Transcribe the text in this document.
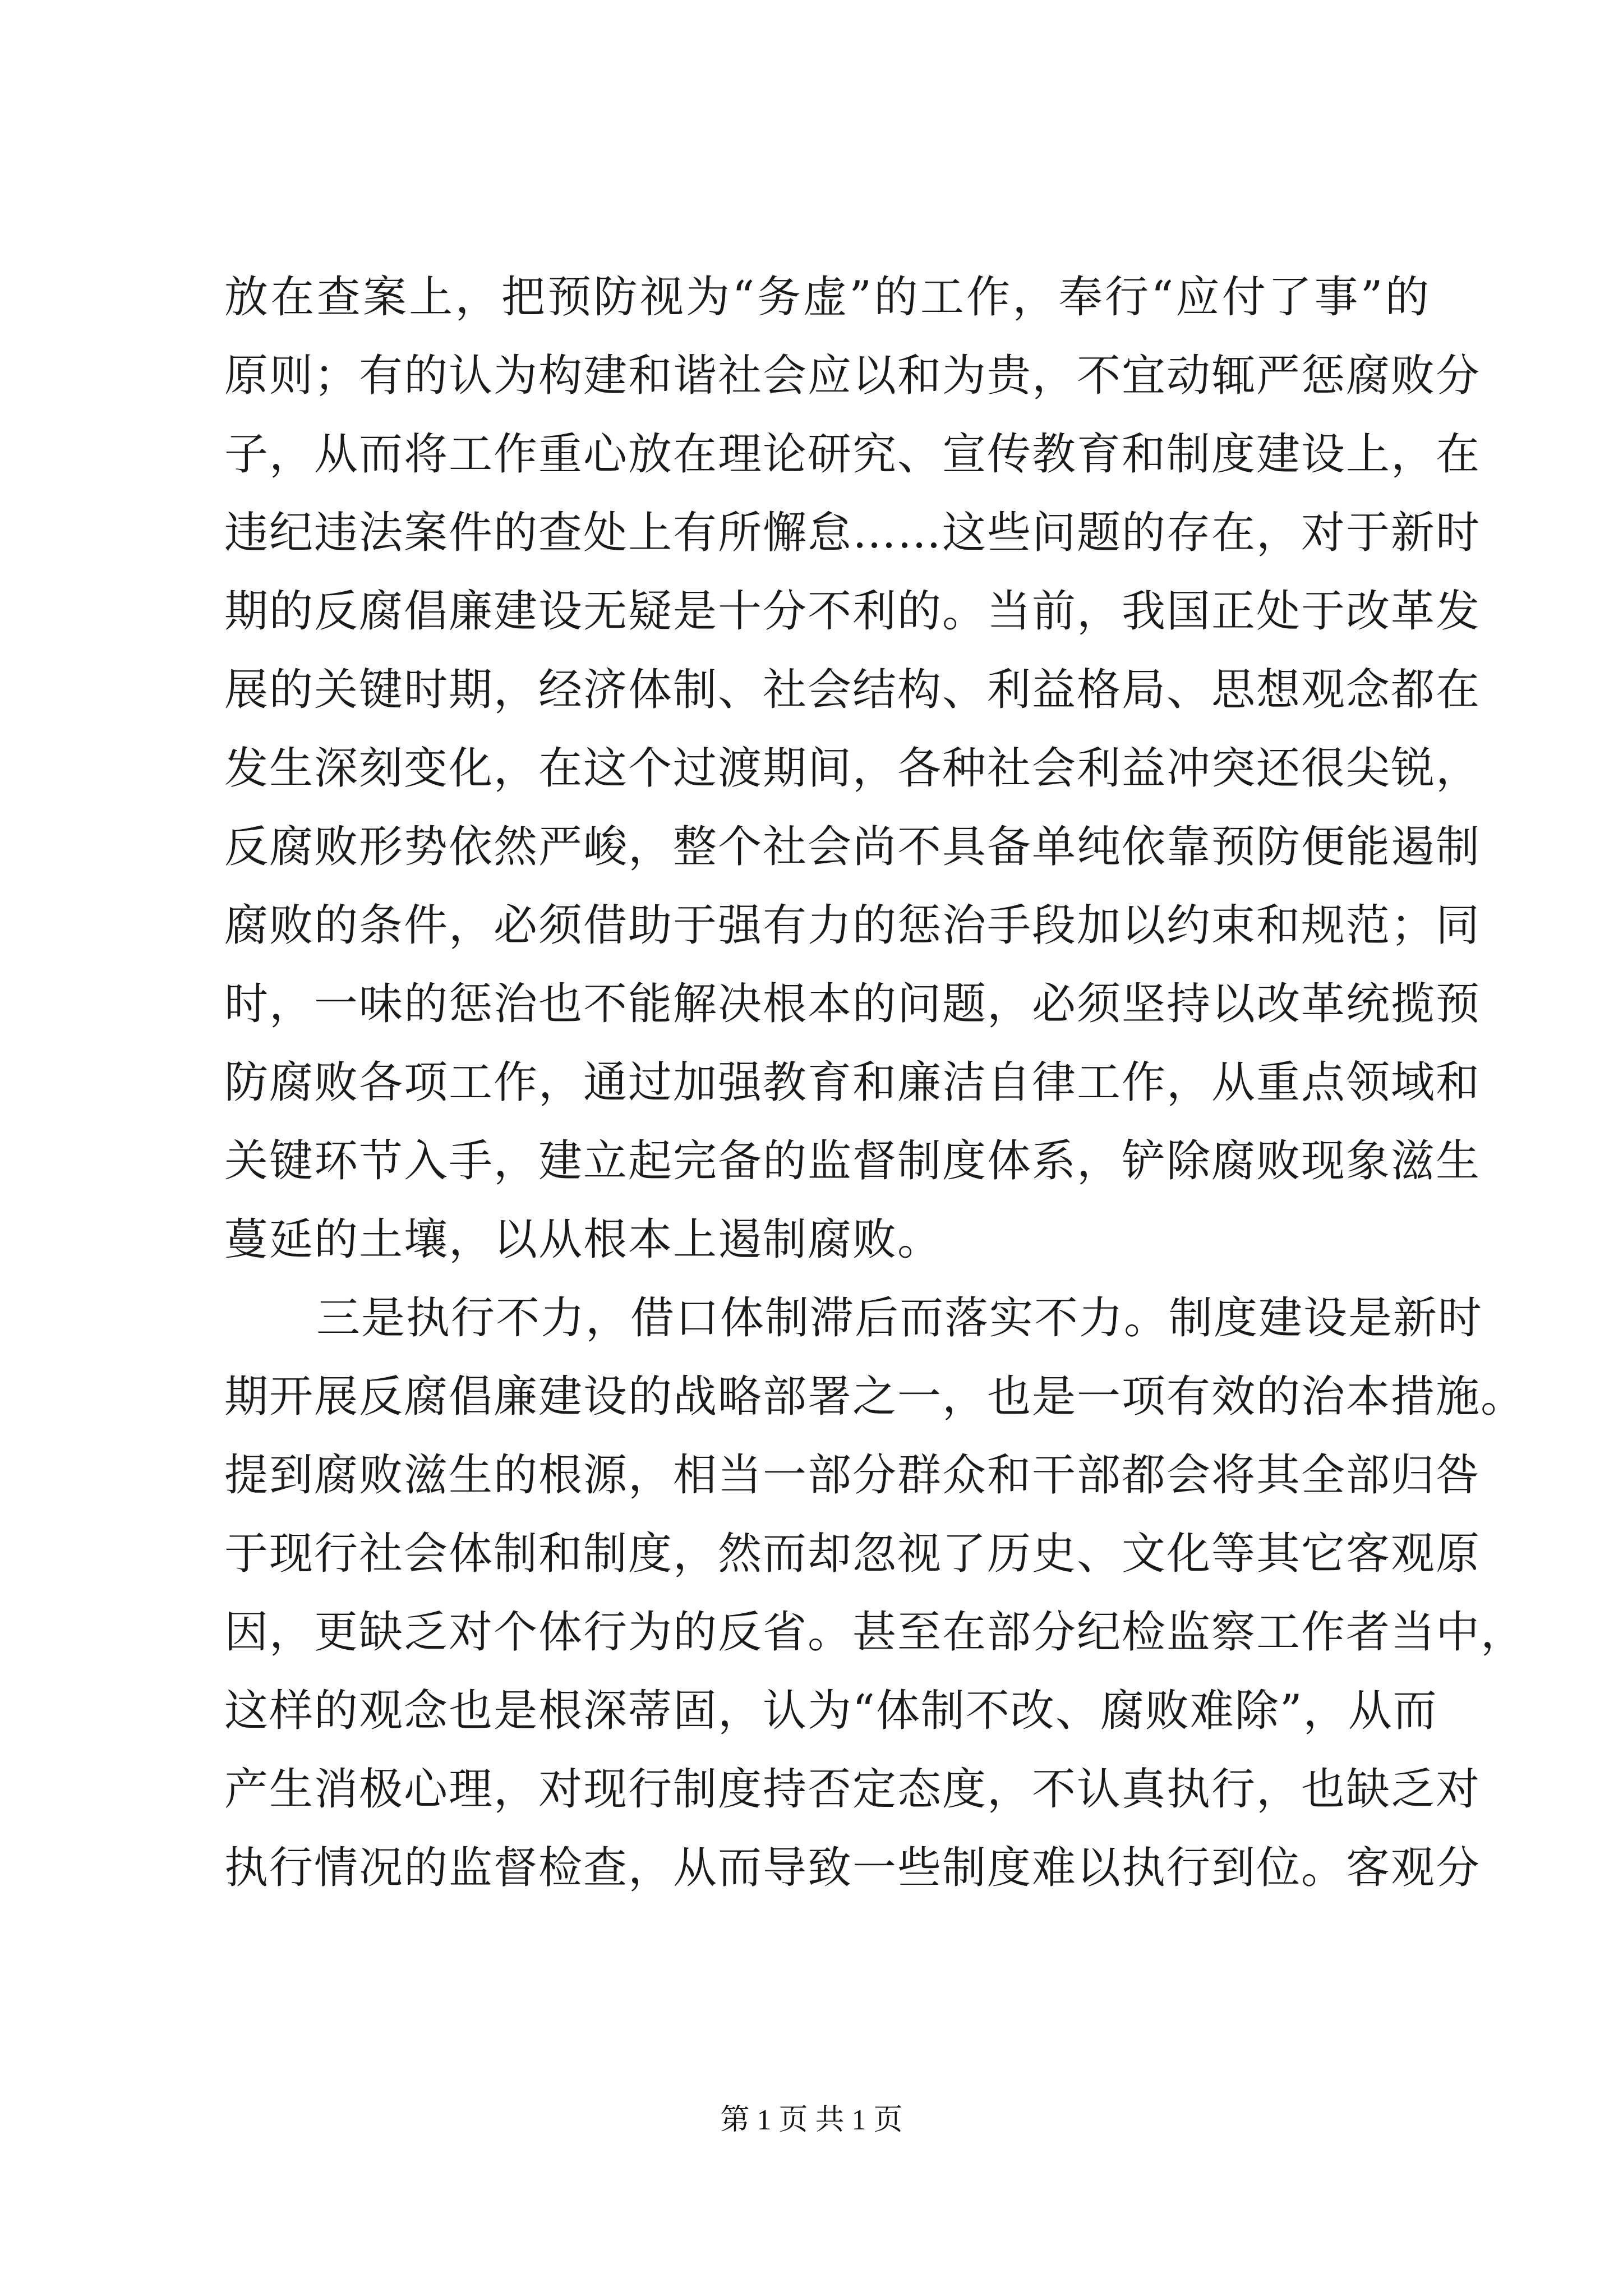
放在查案上，把预防视为“务虚”的工作，奉行“应付了事”的
原则；有的认为构建和谐社会应以和为贵，不宜动辄严惩腐败分
子，从而将工作重心放在理论研究、宣传教育和制度建设上，在
违纪违法案件的查处上有所懈怠……这些问题的存在，对于新时
期的反腐倡廉建设无疑是十分不利的。当前，我国正处于改革发
展的关键时期，经济体制、社会结构、利益格局、思想观念都在
发生深刻变化，在这个过渡期间，各种社会利益冲突还很尖锐，
反腐败形势依然严峻，整个社会尚不具备单纯依靠预防便能遏制
腐败的条件，必须借助于强有力的惩治手段加以约束和规范；同
时，一味的惩治也不能解决根本的问题，必须坚持以改革统揽预
防腐败各项工作，通过加强教育和廉洁自律工作，从重点领域和
关键环节入手，建立起完备的监督制度体系，铲除腐败现象滋生
蔓延的土壤，以从根本上遏制腐败。
三是执行不力，借口体制滞后而落实不力。制度建设是新时
期开展反腐倡廉建设的战略部署之一，也是一项有效的治本措施。
提到腐败滋生的根源，相当一部分群众和干部都会将其全部归咎
于现行社会体制和制度，然而却忽视了历史、文化等其它客观原
因，更缺乏对个体行为的反省。甚至在部分纪检监察工作者当中，
这样的观念也是根深蒂固，认为“体制不改、腐败难除”，从而
产生消极心理，对现行制度持否定态度，不认真执行，也缺乏对
执行情况的监督检查，从而导致一些制度难以执行到位。客观分
第 1 页 共 1 页
